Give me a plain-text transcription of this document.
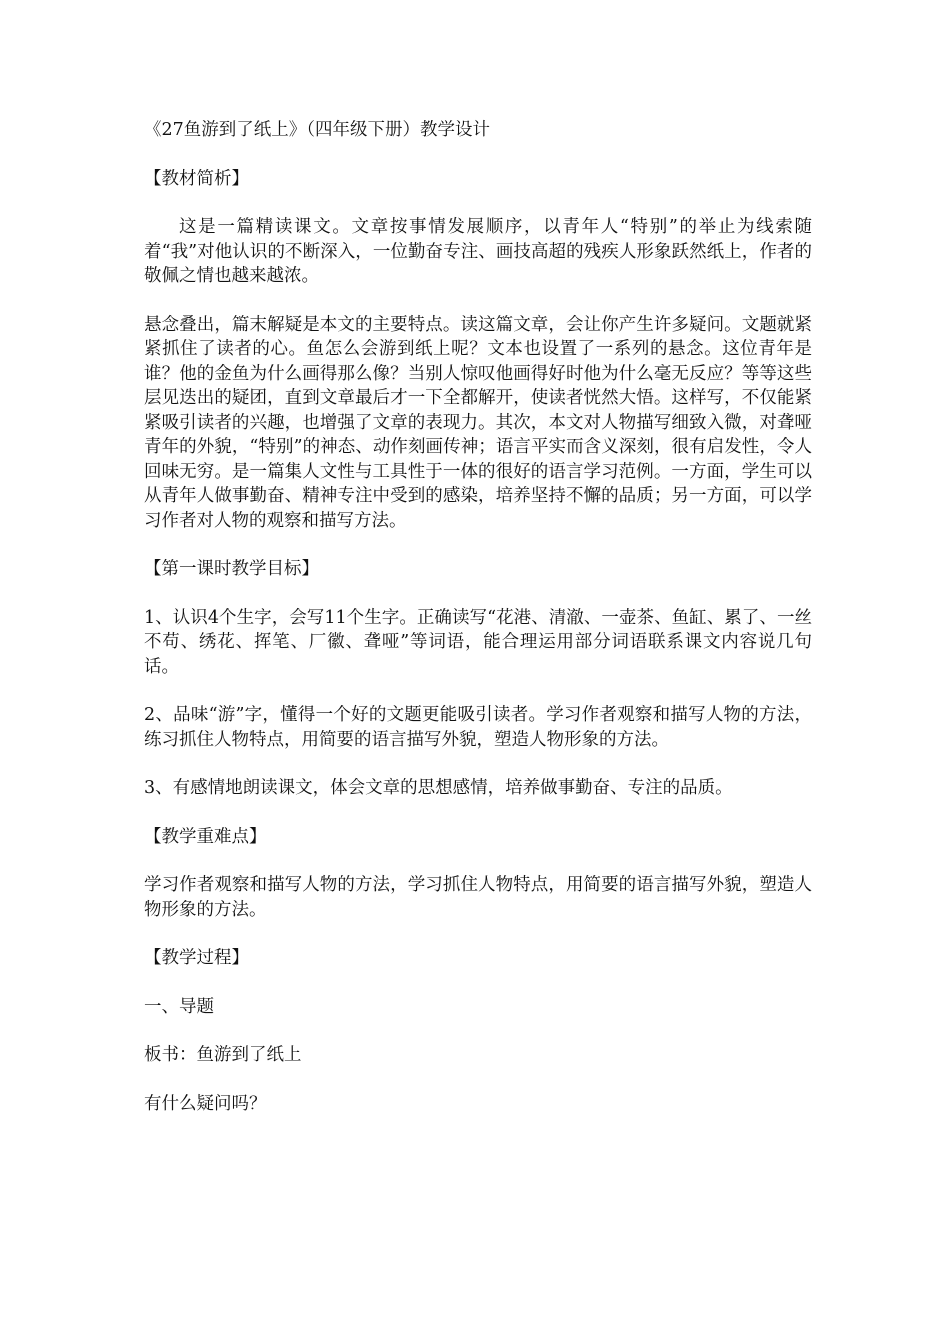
《27鱼游到了纸上》（四年级下册）教学设计

【教材简析】

这是一篇精读课文。文章按事情发展顺序，以青年人“特别”的举止为线索随着“我”对他认识的不断深入，一位勤奋专注、画技高超的残疾人形象跃然纸上，作者的敬佩之情也越来越浓。

悬念叠出，篇末解疑是本文的主要特点。读这篇文章，会让你产生许多疑问。文题就紧紧抓住了读者的心。鱼怎么会游到纸上呢？文本也设置了一系列的悬念。这位青年是谁？他的金鱼为什么画得那么像？当别人惊叹他画得好时他为什么毫无反应？等等这些层见迭出的疑团，直到文章最后才一下全都解开，使读者恍然大悟。这样写，不仅能紧紧吸引读者的兴趣，也增强了文章的表现力。其次，本文对人物描写细致入微，对聋哑青年的外貌，“特别”的神态、动作刻画传神；语言平实而含义深刻，很有启发性，令人回味无穷。是一篇集人文性与工具性于一体的很好的语言学习范例。一方面，学生可以从青年人做事勤奋、精神专注中受到的感染，培养坚持不懈的品质；另一方面，可以学习作者对人物的观察和描写方法。

【第一课时教学目标】

1、认识4个生字，会写11个生字。正确读写“花港、清澈、一壶茶、鱼缸、累了、一丝不苟、绣花、挥笔、厂徽、聋哑”等词语，能合理运用部分词语联系课文内容说几句话。

2、品味“游”字，懂得一个好的文题更能吸引读者。学习作者观察和描写人物的方法，练习抓住人物特点，用简要的语言描写外貌，塑造人物形象的方法。

3、有感情地朗读课文，体会文章的思想感情，培养做事勤奋、专注的品质。

【教学重难点】

学习作者观察和描写人物的方法，学习抓住人物特点，用简要的语言描写外貌，塑造人物形象的方法。

【教学过程】

一、导题

板书：鱼游到了纸上

有什么疑问吗？
